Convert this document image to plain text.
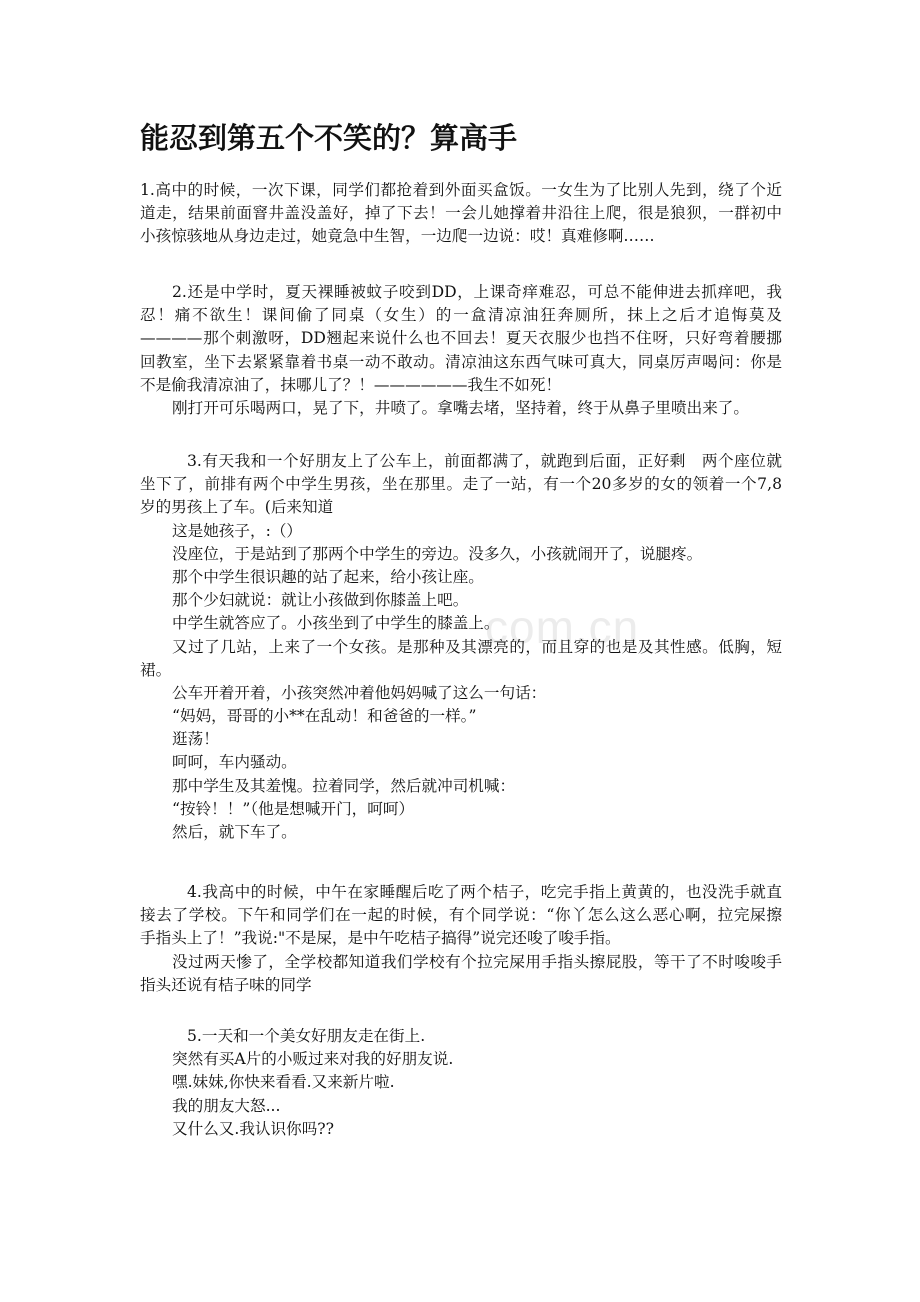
com.cn
能忍到第五个不笑的？算高手
1.高中的时候，一次下课，同学们都抢着到外面买盒饭。一女生为了比别人先到，绕了个近
道走，结果前面窨井盖没盖好，掉了下去！一会儿她撑着井沿往上爬，很是狼狈，一群初中
小孩惊骇地从身边走过，她竟急中生智，一边爬一边说：哎！真难修啊……
2.还是中学时，夏天裸睡被蚊子咬到DD，上课奇痒难忍，可总不能伸进去抓痒吧，我
忍！痛不欲生！课间偷了同桌（女生）的一盒清凉油狂奔厕所，抹上之后才追悔莫及
————那个刺激呀，DD翘起来说什么也不回去！夏天衣服少也挡不住呀，只好弯着腰挪
回教室，坐下去紧紧靠着书桌一动不敢动。清凉油这东西气味可真大，同桌厉声喝问：你是
不是偷我清凉油了，抹哪儿了？！——————我生不如死！
刚打开可乐喝两口，晃了下，井喷了。拿嘴去堵，坚持着，终于从鼻子里喷出来了。
3.有天我和一个好朋友上了公车上，前面都满了，就跑到后面，正好剩　两个座位就
坐下了，前排有两个中学生男孩，坐在那里。走了一站，有一个20多岁的女的领着一个7,8
岁的男孩上了车。(后来知道
这是她孩子，:（）
没座位，于是站到了那两个中学生的旁边。没多久，小孩就闹开了，说腿疼。
那个中学生很识趣的站了起来，给小孩让座。
那个少妇就说：就让小孩做到你膝盖上吧。
中学生就答应了。小孩坐到了中学生的膝盖上。
又过了几站，上来了一个女孩。是那种及其漂亮的，而且穿的也是及其性感。低胸，短
裙。
公车开着开着，小孩突然冲着他妈妈喊了这么一句话：
“妈妈，哥哥的小**在乱动！和爸爸的一样。”
逛荡！
呵呵，车内骚动。
那中学生及其羞愧。拉着同学，然后就冲司机喊：
“按铃！！”（他是想喊开门，呵呵）
然后，就下车了。
4.我高中的时候，中午在家睡醒后吃了两个桔子，吃完手指上黄黄的，也没洗手就直
接去了学校。下午和同学们在一起的时候，有个同学说：“你丫怎么这么恶心啊，拉完屎擦
手指头上了！”我说:"不是屎，是中午吃桔子搞得”说完还唆了唆手指。
没过两天惨了，全学校都知道我们学校有个拉完屎用手指头擦屁股，等干了不时唆唆手
指头还说有桔子味的同学
5.一天和一个美女好朋友走在街上.
突然有买A片的小贩过来对我的好朋友说.
嘿.妹妹,你快来看看.又来新片啦.
我的朋友大怒...
又什么又.我认识你吗??
